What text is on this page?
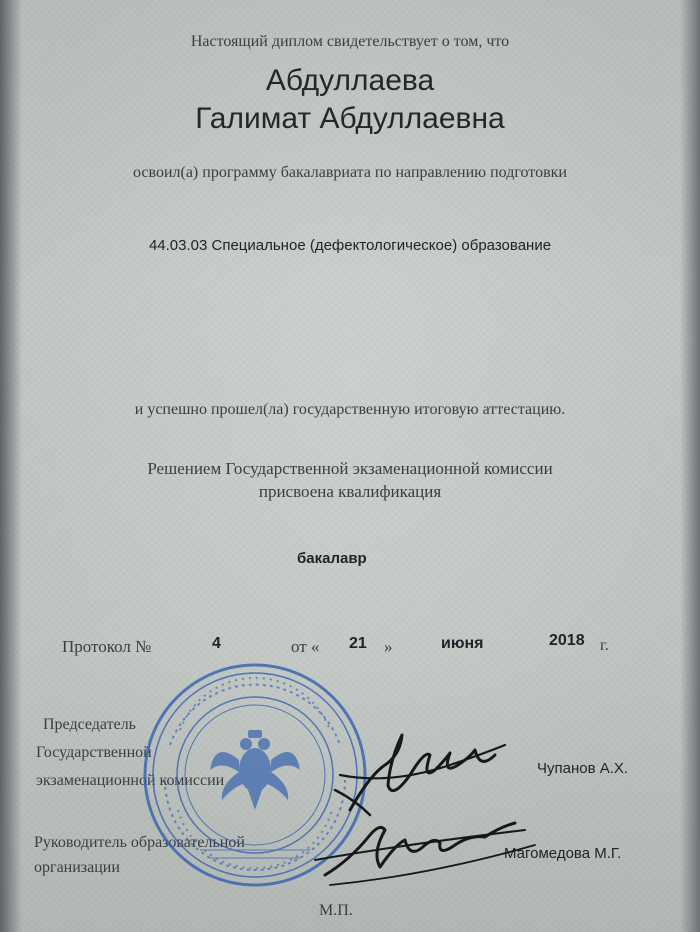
Настоящий диплом свидетельствует о том, что
Абдуллаева
Галимат Абдуллаевна
освоил(а) программу бакалавриата по направлению подготовки
44.03.03 Специальное (дефектологическое) образование
и успешно прошел(ла) государственную итоговую аттестацию.
Решением Государственной экзаменационной комиссии
присвоена квалификация
бакалавр
Протокол №	4	от « 21 »	июня	2018 г.
Председатель
Государственной
экзаменационной комиссии
Чупанов А.Х.
Руководитель образовательной
организации
Магомедова М.Г.
М.П.
